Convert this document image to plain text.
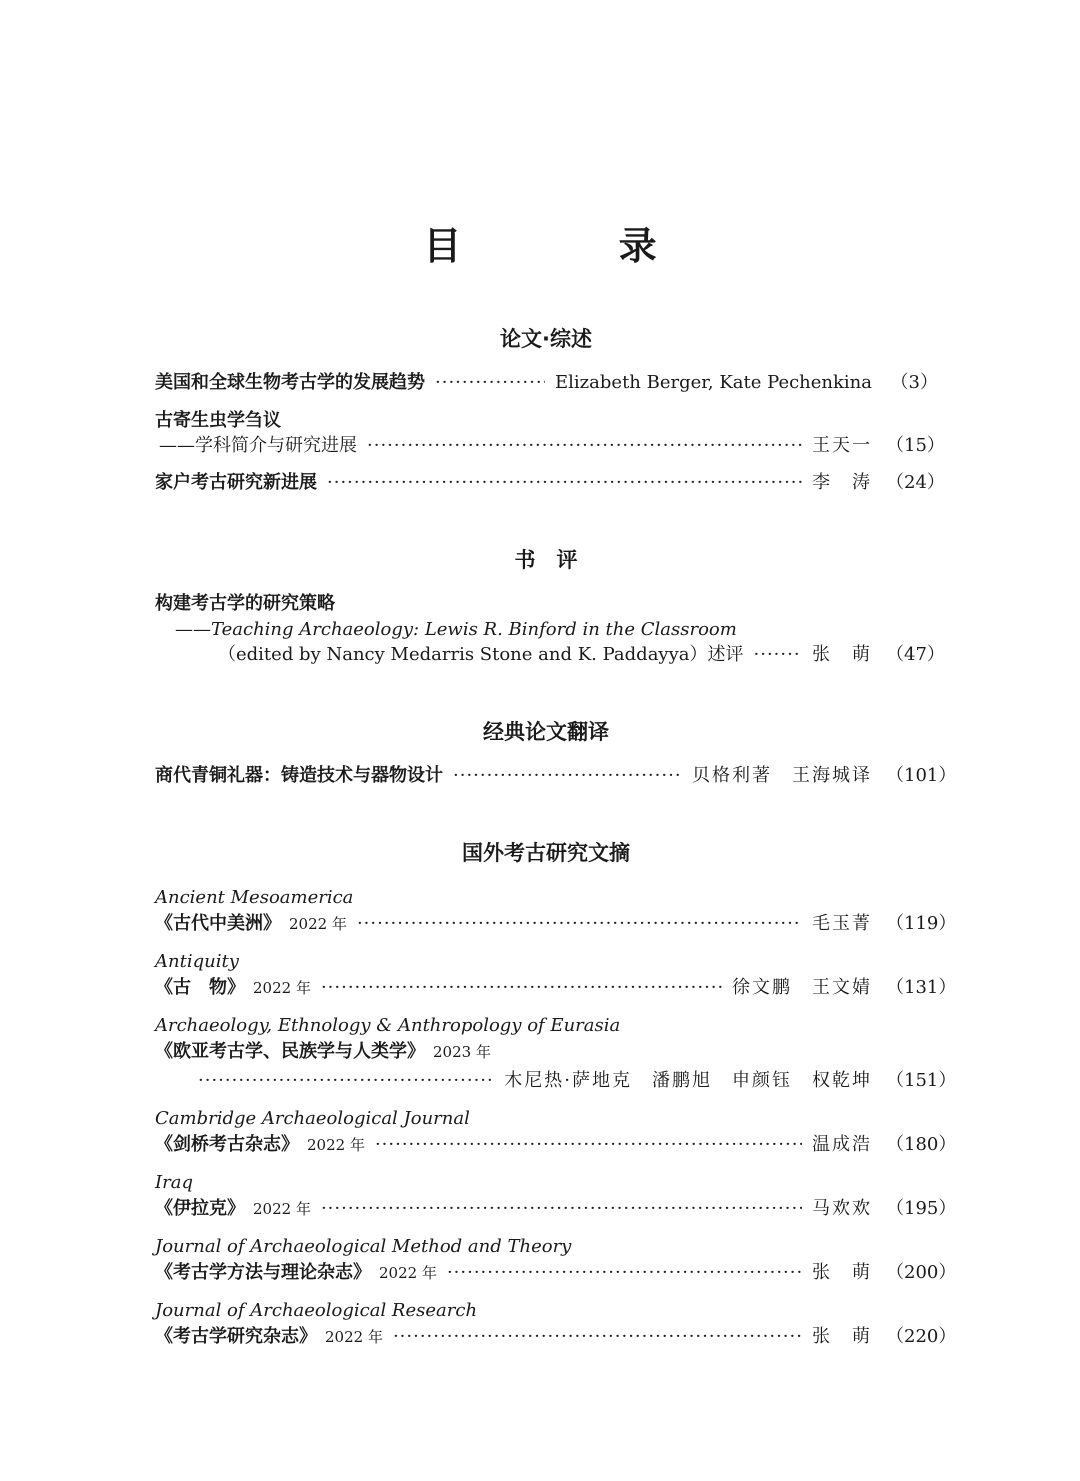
目 录
论文·综述
美国和全球生物考古学的发展趋势 ·····	Elizabeth Berger, Kate Pechenkina （3）
古寄生虫学刍议
——学科简介与研究进展 ·····	王天一 （15）
家户考古研究新进展 ·····	李　涛 （24）
书　评
构建考古学的研究策略
—— Teaching Archaeology: Lewis R. Binford in the Classroom
（edited by Nancy Medarris Stone and K. Paddayya）述评 ·····	张　萌 （47）
经典论文翻译
商代青铜礼器：铸造技术与器物设计 ·····	贝格利著　王海城译 （101）
国外考古研究文摘
Ancient Mesoamerica
《古代中美洲》 2022 年 ·····	毛玉菁 （119）
Antiquity
《古　物》 2022 年 ·····	徐文鹏　王文婧 （131）
Archaeology, Ethnology & Anthropology of Eurasia
《欧亚考古学、民族学与人类学》 2023 年
·····
木尼热·萨地克　潘鹏旭　申颜钰　权乾坤 （151）
Cambridge Archaeological Journal
《剑桥考古杂志》 2022 年 ·····	温成浩 （180）
Iraq
《伊拉克》 2022 年 ·····	马欢欢 （195）
Journal of Archaeological Method and Theory
《考古学方法与理论杂志》 2022 年 ·····	张　萌 （200）
Journal of Archaeological Research
《考古学研究杂志》 2022 年 ·····	张　萌 （220）
